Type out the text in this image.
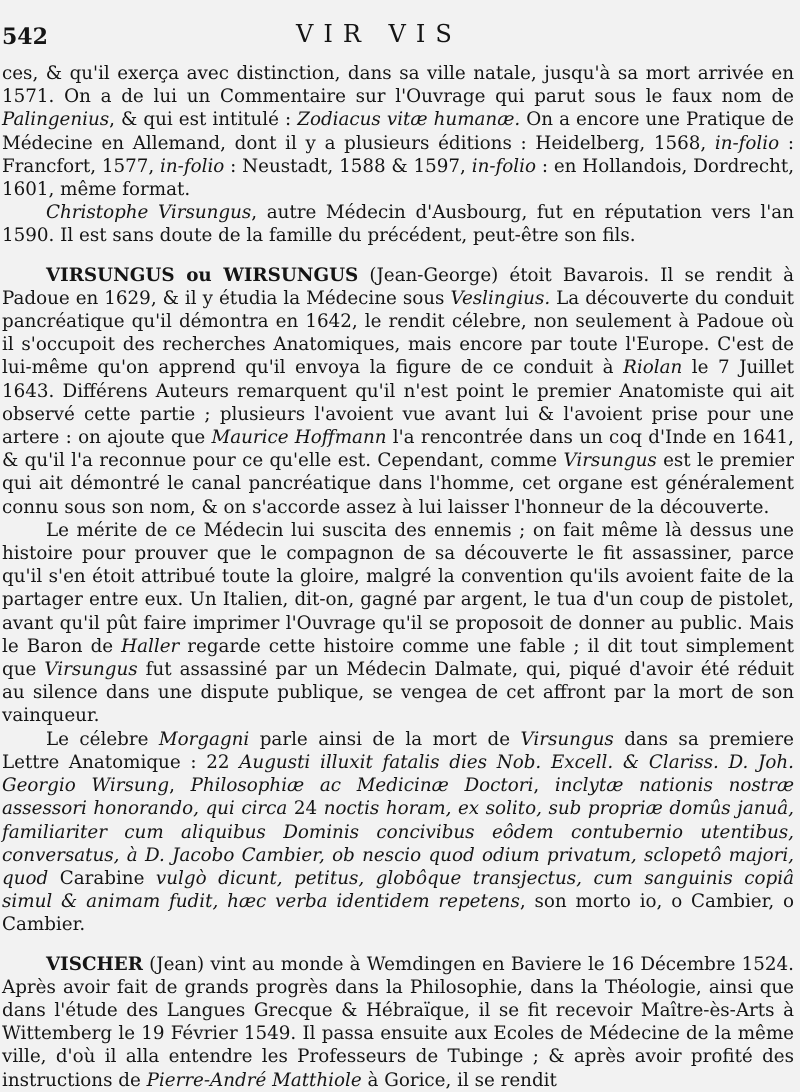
542	VIR VIS

ces, & qu'il exerça avec distinction, dans sa ville natale, jusqu'à sa mort arrivée en 1571. On a de lui un Commentaire sur l'Ouvrage qui parut sous le faux nom de Palingenius, & qui est intitulé : Zodiacus vitæ humanæ. On a encore une Pratique de Médecine en Allemand, dont il y a plusieurs éditions : Heidelberg, 1568, in-folio : Francfort, 1577, in-folio : Neustadt, 1588 & 1597, in-folio : en Hollandois, Dordrecht, 1601, même format.

Christophe Virsungus, autre Médecin d'Ausbourg, fut en réputation vers l'an 1590. Il est sans doute de la famille du précédent, peut-être son fils.

VIRSUNGUS ou WIRSUNGUS (Jean-George) étoit Bavarois. Il se rendit à Padoue en 1629, & il y étudia la Médecine sous Veslingius. La découverte du conduit pancréatique qu'il démontra en 1642, le rendit célebre, non seulement à Padoue où il s'occupoit des recherches Anatomiques, mais encore par toute l'Europe. C'est de lui-même qu'on apprend qu'il envoya la figure de ce conduit à Riolan le 7 Juillet 1643. Différens Auteurs remarquent qu'il n'est point le premier Anatomiste qui ait observé cette partie ; plusieurs l'avoient vue avant lui & l'avoient prise pour une artere : on ajoute que Maurice Hoffmann l'a rencontrée dans un coq d'Inde en 1641, & qu'il l'a reconnue pour ce qu'elle est. Cependant, comme Virsungus est le premier qui ait démontré le canal pancréatique dans l'homme, cet organe est généralement connu sous son nom, & on s'accorde assez à lui laisser l'honneur de la découverte.

Le mérite de ce Médecin lui suscita des ennemis ; on fait même là dessus une histoire pour prouver que le compagnon de sa découverte le fit assassiner, parce qu'il s'en étoit attribué toute la gloire, malgré la convention qu'ils avoient faite de la partager entre eux. Un Italien, dit-on, gagné par argent, le tua d'un coup de pistolet, avant qu'il pût faire imprimer l'Ouvrage qu'il se proposoit de donner au public. Mais le Baron de Haller regarde cette histoire comme une fable ; il dit tout simplement que Virsungus fut assassiné par un Médecin Dalmate, qui, piqué d'avoir été réduit au silence dans une dispute publique, se vengea de cet affront par la mort de son vainqueur.

Le célebre Morgagni parle ainsi de la mort de Virsungus dans sa premiere Lettre Anatomique : 22 Augusti illuxit fatalis dies Nob. Excell. & Clariss. D. Joh. Georgio Wirsung, Philosophiæ ac Medicinæ Doctori, inclytæ nationis nostræ assessori honorando, qui circa 24 noctis horam, ex solito, sub propriæ domûs januâ, familiariter cum aliquibus Dominis concivibus eôdem contubernio utentibus, conversatus, à D. Jacobo Cambier, ob nescio quod odium privatum, sclopetô majori, quod Carabine vulgò dicunt, petitus, globôque transjectus, cum sanguinis copiâ simul & animam fudit, hæc verba identidem repetens, son morto io, o Cambier, o Cambier.

VISCHER (Jean) vint au monde à Wemdingen en Baviere le 16 Décembre 1524. Après avoir fait de grands progrès dans la Philosophie, dans la Théologie, ainsi que dans l'étude des Langues Grecque & Hébraïque, il se fit recevoir Maître-ès-Arts à Wittemberg le 19 Février 1549. Il passa ensuite aux Ecoles de Médecine de la même ville, d'où il alla entendre les Professeurs de Tubinge ; & après avoir profité des instructions de Pierre-André Matthiole à Gorice, il se rendit
